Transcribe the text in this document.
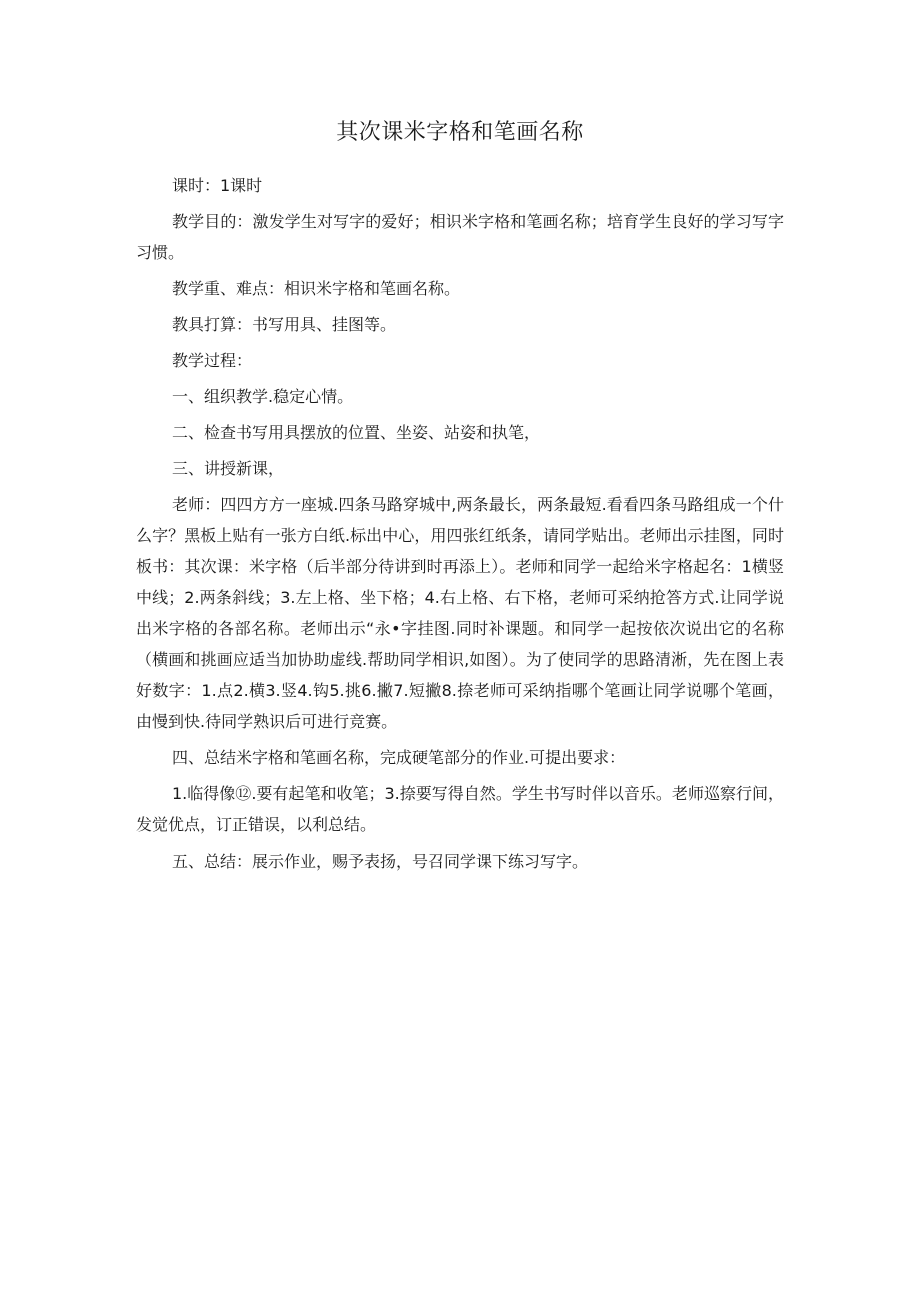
其次课米字格和笔画名称

课时：1课时

教学目的：激发学生对写字的爱好；相识米字格和笔画名称；培育学生良好的学习写字习惯。

教学重、难点：相识米字格和笔画名称。

教具打算：书写用具、挂图等。

教学过程：

一、组织教学.稳定心情。

二、检查书写用具摆放的位置、坐姿、站姿和执笔，

三、讲授新课，

老师：四四方方一座城.四条马路穿城中,两条最长，两条最短.看看四条马路组成一个什么字？黑板上贴有一张方白纸.标出中心，用四张红纸条，请同学贴出。老师出示挂图，同时板书：其次课：米字格（后半部分待讲到时再添上）。老师和同学一起给米字格起名：1横竖中线；2.两条斜线；3.左上格、坐下格；4.右上格、右下格，老师可采纳抢答方式.让同学说出米字格的各部名称。老师出示“永•字挂图.同时补课题。和同学一起按依次说出它的名称（横画和挑画应适当加协助虚线.帮助同学相识,如图）。为了使同学的思路清淅，先在图上表好数字：1.点2.横3.竖4.钩5.挑6.撇7.短撇8.捺老师可采纳指哪个笔画让同学说哪个笔画，由慢到快.待同学熟识后可进行竞赛。

四、总结米字格和笔画名称，完成硬笔部分的作业.可提出要求：

1.临得像⑫.要有起笔和收笔；3.捺要写得自然。学生书写时伴以音乐。老师巡察行间，发觉优点，订正错误，以利总结。

五、总结：展示作业，赐予表扬，号召同学课下练习写字。
